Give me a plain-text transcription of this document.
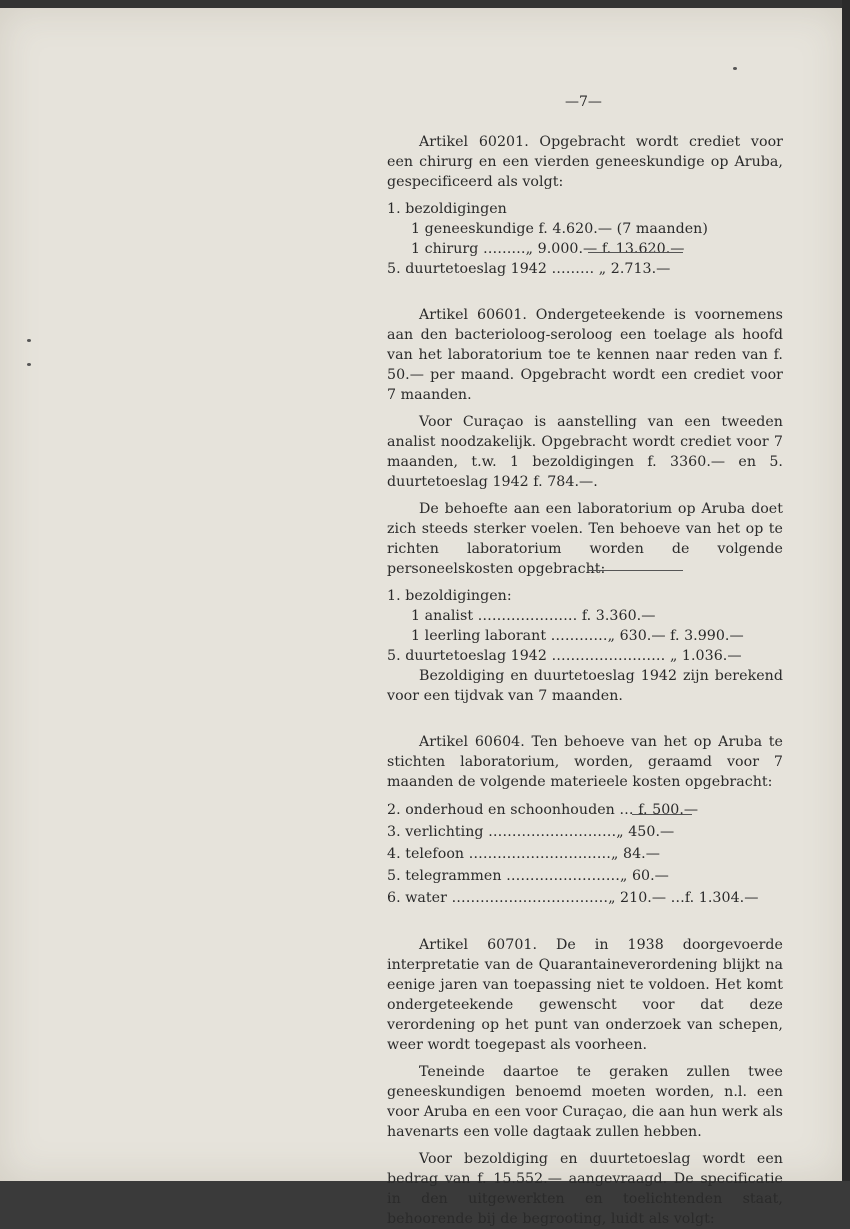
—7—

Artikel 60201. Opgebracht wordt crediet voor een chirurg en een vierden geneeskundige op Aruba, gespecificeerd als volgt:

1. bezoldigingen
1 geneeskundige f. 4.620.— (7 maanden)
1 chirurg ………„ 9.000.— f. 13.620.—
5. duurtetoeslag 1942 ……… „ 2.713.—

Artikel 60601. Ondergeteekende is voornemens aan den bacterioloog-seroloog een toelage als hoofd van het laboratorium toe te kennen naar reden van f. 50.— per maand. Opgebracht wordt een crediet voor 7 maanden.

Voor Curaçao is aanstelling van een tweeden analist noodzakelijk. Opgebracht wordt crediet voor 7 maanden, t.w. 1 bezoldigingen f. 3360.— en 5. duurtetoeslag 1942 f. 784.—.

De behoefte aan een laboratorium op Aruba doet zich steeds sterker voelen. Ten behoeve van het op te richten laboratorium worden de volgende personeelskosten opgebracht:

1. bezoldigingen:
1 analist ………………… f. 3.360.—
1 leerling laborant …………„ 630.— f. 3.990.—
5. duurtetoeslag 1942 …………………… „ 1.036.—

Bezoldiging en duurtetoeslag 1942 zijn berekend voor een tijdvak van 7 maanden.

Artikel 60604. Ten behoeve van het op Aruba te stichten laboratorium, worden, geraamd voor 7 maanden de volgende materieele kosten opgebracht:

2. onderhoud en schoonhouden … f. 500.—
3. verlichting ………………………„ 450.—
4. telefoon …………………………„ 84.—
5. telegrammen ……………………„ 60.—
6. water ……………………………„ 210.— …f. 1.304.—

Artikel 60701. De in 1938 doorgevoerde interpretatie van de Quarantaineverordening blijkt na eenige jaren van toepassing niet te voldoen. Het komt ondergeteekende gewenscht voor dat deze verordening op het punt van onderzoek van schepen, weer wordt toegepast als voorheen.

Teneinde daartoe te geraken zullen twee geneeskundigen benoemd moeten worden, n.l. een voor Aruba en een voor Curaçao, die aan hun werk als havenarts een volle dagtaak zullen hebben.

Voor bezoldiging en duurtetoeslag wordt een bedrag van f. 15.552.— aangevraagd. De specificatie in den uitgewerkten en toelichtenden staat, behoorende bij de begrooting, luidt als volgt:
